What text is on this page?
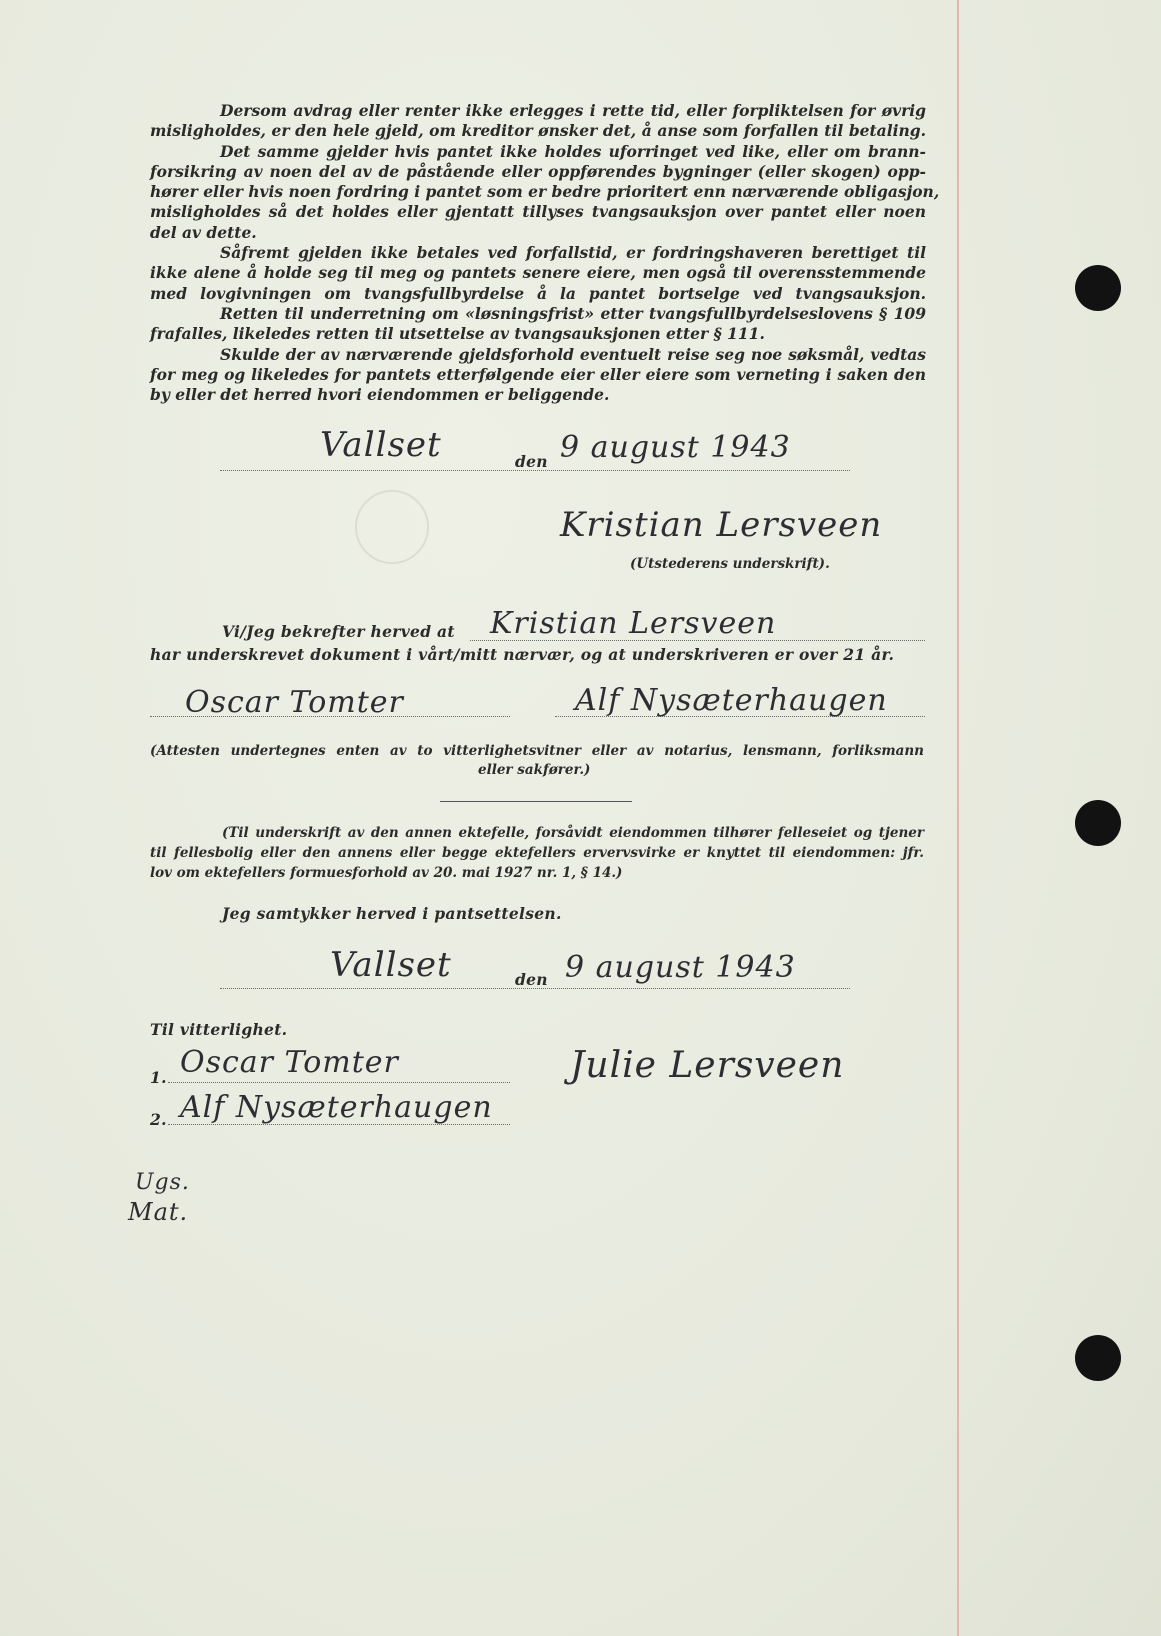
Dersom avdrag eller renter ikke erlegges i rette tid, eller forpliktelsen for øvrig
misligholdes, er den hele gjeld, om kreditor ønsker det, å anse som forfallen til betaling.
Det samme gjelder hvis pantet ikke holdes uforringet ved like, eller om brann-
forsikring av noen del av de påstående eller oppførendes bygninger (eller skogen) opp-
hører eller hvis noen fordring i pantet som er bedre prioritert enn nærværende obligasjon,
misligholdes så det holdes eller gjentatt tillyses tvangsauksjon over pantet eller noen
del av dette.
Såfremt gjelden ikke betales ved forfallstid, er fordringshaveren berettiget til
ikke alene å holde seg til meg og pantets senere eiere, men også til overensstemmende
med lovgivningen om tvangsfullbyrdelse å la pantet bortselge ved tvangsauksjon.
Retten til underretning om «løsningsfrist» etter tvangsfullbyrdelseslovens § 109
frafalles, likeledes retten til utsettelse av tvangsauksjonen etter § 111.
Skulde der av nærværende gjeldsforhold eventuelt reise seg noe søksmål, vedtas
for meg og likeledes for pantets etterfølgende eier eller eiere som verneting i saken den
by eller det herred hvori eiendommen er beliggende.
Vallset	den 9 august 1943
Kristian Lersveen
(Utstederens underskrift).
Vi/Jeg bekrefter herved at Kristian Lersveen
har underskrevet dokument i vårt/mitt nærvær, og at underskriveren er over 21 år.
Oscar Tomter	Alf Nysæterhaugen
(Attesten undertegnes enten av to vitterlighetsvitner eller av notarius, lensmann, forliksmann
eller sakfører.)
(Til underskrift av den annen ektefelle, forsåvidt eiendommen tilhører felleseiet og tjener
til fellesbolig eller den annens eller begge ektefellers ervervsvirke er knyttet til eiendommen: jfr.
lov om ektefellers formuesforhold av 20. mai 1927 nr. 1, § 14.)
Jeg samtykker herved i pantsettelsen.
Vallset	den 9 august 1943
Til vitterlighet.
1.
2.
Oscar Tomter
Alf Nysæterhaugen
Julie Lersveen
Ugs.
Mat.
